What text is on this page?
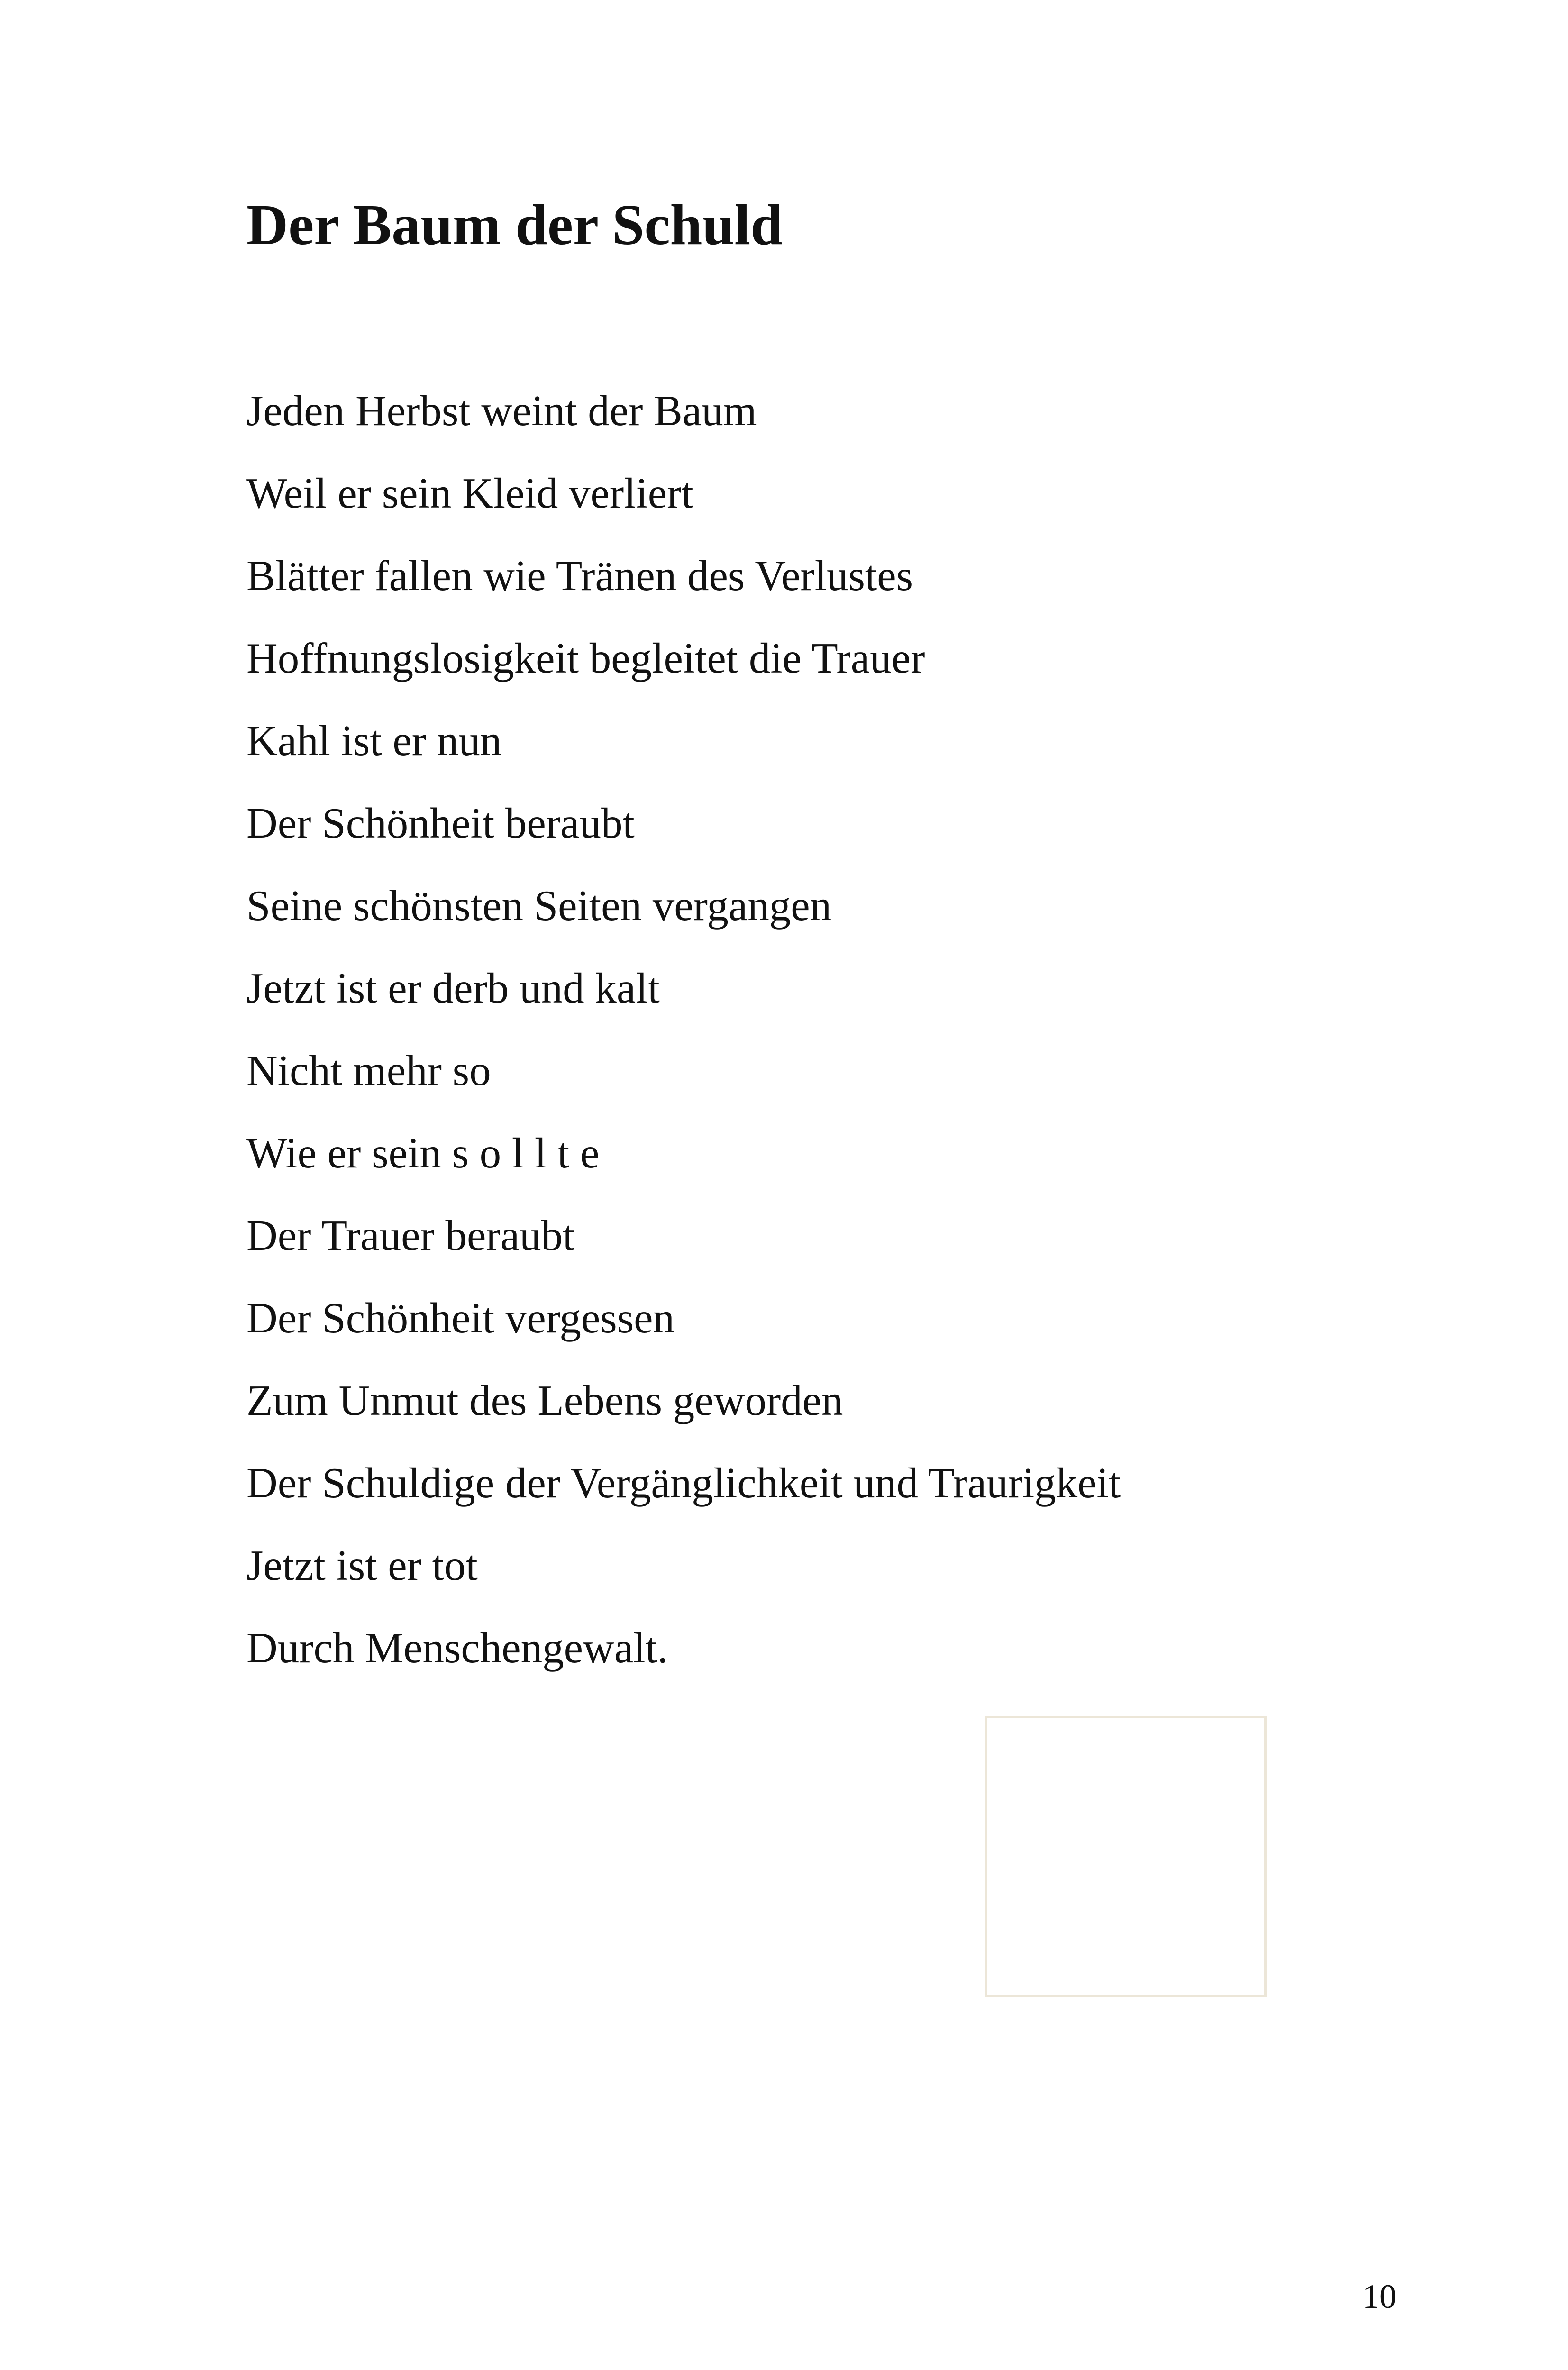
Der Baum der Schuld
Jeden Herbst weint der Baum
Weil er sein Kleid verliert
Blätter fallen wie Tränen des Verlustes
Hoffnungslosigkeit begleitet die Trauer
Kahl ist er nun
Der Schönheit beraubt
Seine schönsten Seiten vergangen
Jetzt ist er derb und kalt
Nicht mehr so
Wie er sein s o l l t e
Der Trauer beraubt
Der Schönheit vergessen
Zum Unmut des Lebens geworden
Der Schuldige der Vergänglichkeit und Traurigkeit
Jetzt ist er tot
Durch Menschengewalt.
10
